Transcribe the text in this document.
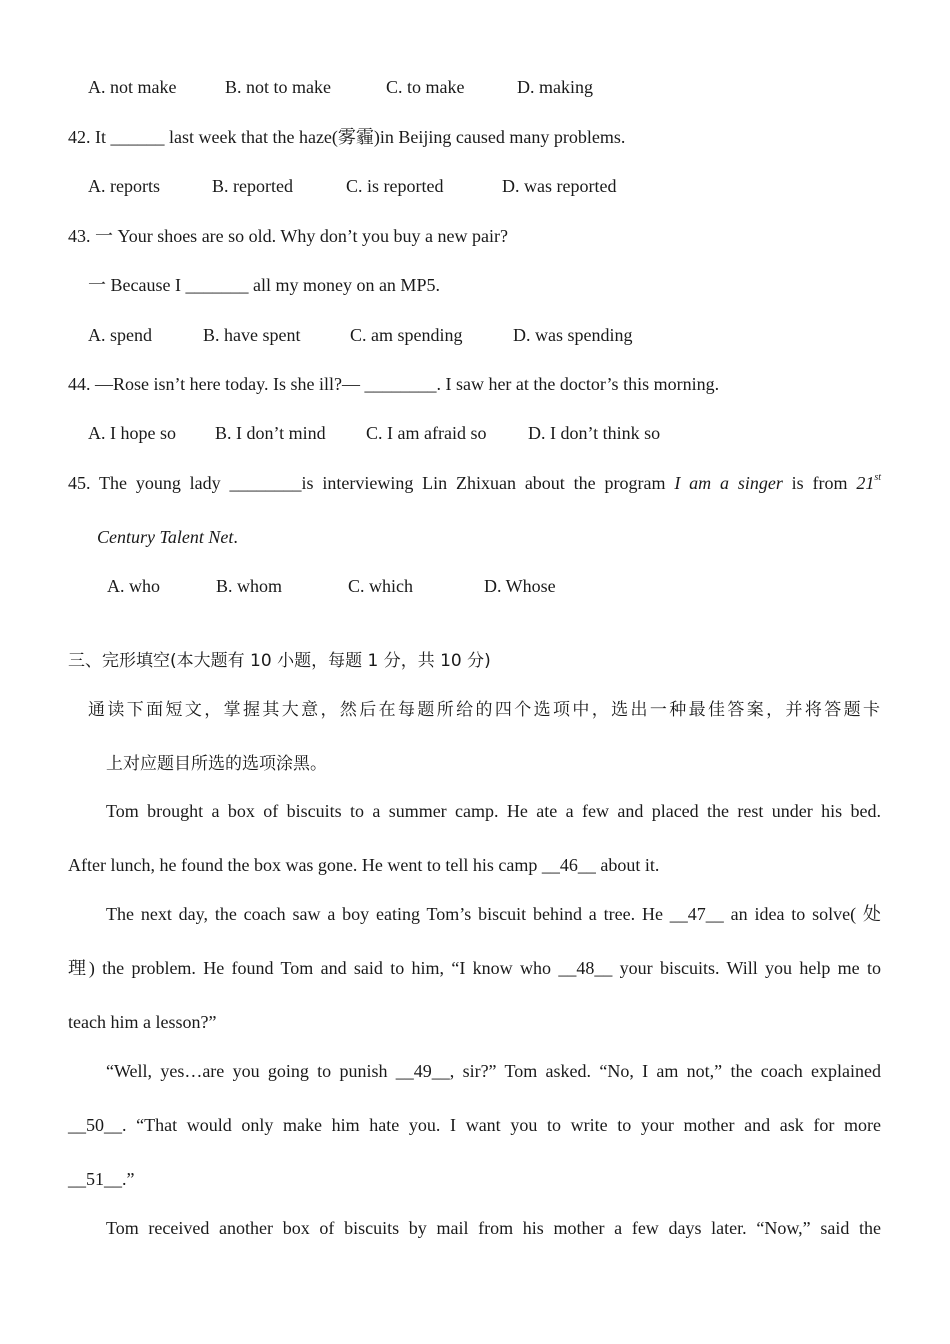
A. not make	B. not to make	C. to make	D. making
42. It ______ last week that the haze(雾霾)in Beijing caused many problems.
A. reports	B. reported	C. is reported	D. was reported
43. 一 Your shoes are so old. Why don’t you buy a new pair?
一 Because I _______ all my money on an MP5.
A. spend	B. have spent	C. am spending	D. was spending
44. —Rose isn’t here today. Is she ill?— ________. I saw her at the doctor’s this morning.
A. I hope so B. I don’t mind C. I am afraid so D. I don’t think so
45. The young lady ________is interviewing Lin Zhixuan about the program I am a singer is from 21st
Century Talent Net.
A. who	B. whom	C. which	D. Whose
三、完形填空(本大题有 10 小题，每题 1 分，共 10 分)
通读下面短文，掌握其大意，然后在每题所给的四个选项中，选出一种最佳答案，并将答题卡
上对应题目所选的选项涂黑。
Tom brought a box of biscuits to a summer camp. He ate a few and placed the rest under his bed.
After lunch, he found the box was gone. He went to tell his camp __46__ about it.
The next day, the coach saw a boy eating Tom’s biscuit behind a tree. He __47__ an idea to solve( 处
理) the problem. He found Tom and said to him, “I know who __48__ your biscuits. Will you help me to
teach him a lesson?”
“Well, yes…are you going to punish __49__, sir?” Tom asked. “No, I am not,” the coach explained
__50__. “That would only make him hate you. I want you to write to your mother and ask for more
__51__.”
Tom received another box of biscuits by mail from his mother a few days later. “Now,” said the
